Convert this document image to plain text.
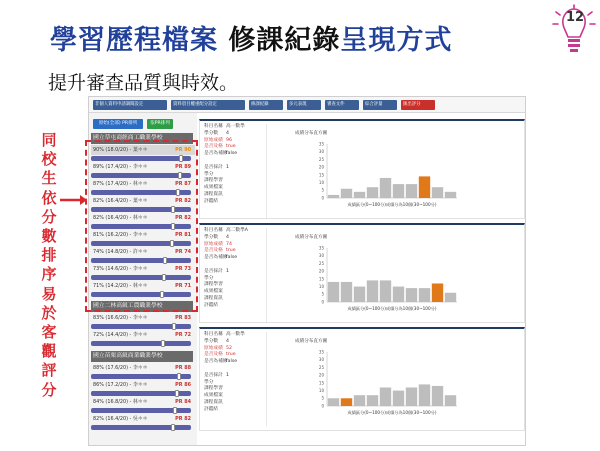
學習歷程檔案 修課紀錄呈現方式
12
提升審查品質與時效。
同校生依分數排序易於客觀評分
非個人資料申請調閱設定	資料項目權重配分設定	修課紀錄	多元表現	審查文件	綜合評量	匯出評分
原始(全部) PR排列	依PR排列
國立草屯商經商工職業學校
90% (18.0/20) - 葉＊＊	PR 90
89% (17.4/20) - 李＊＊	PR 89
87% (17.4/20) - 林＊＊	PR 87
82% (16.4/20) - 葉＊＊	PR 82
82% (16.4/20) - 林＊＊	PR 82
81% (16.2/20) - 李＊＊	PR 81
74% (14.8/20) - 許＊＊	PR 74
73% (14.6/20) - 李＊＊	PR 73
71% (14.2/20) - 林＊＊	PR 71
國立二林高級工農職業學校
83% (16.6/20) - 李＊＊	PR 83
72% (14.4/20) - 李＊＊	PR 72
國立苗栗高級商業職業學校
88% (17.6/20) - 李＊＊	PR 88
86% (17.2/20) - 李＊＊	PR 86
84% (16.8/20) - 林＊＊	PR 84
82% (16.4/20) - 吳＊＊	PR 82
科目名稱 高一數學
學分數 4
原始成績 96
是否及格 true
是否為補修
false
是否採計 1
學分
課程學習
成果檔案
課程資訊
評鑑結
成績分布直方圖
35
30
25
20
15
10
5
0
成績區分(0~100分)成績分為10個(30~100分)
科目名稱 高二數學A
學分數 4
原始成績 74
是否及格 true
是否為補修
false
是否採計 1
學分
課程學習
成果檔案
課程資訊
評鑑結
成績分布直方圖
35
30
25
20
15
10
5
0
成績區分(0~100分)成績分為10個(30~100分)
科目名稱 高一數學
學分數 4
原始成績 52
是否及格 true
是否為補修
false
是否採計 1
學分
課程學習
成果檔案
課程資訊
評鑑結
成績分布直方圖
35
30
25
20
15
10
5
0
成績區分(0~100分)成績分為10個(30~100分)
